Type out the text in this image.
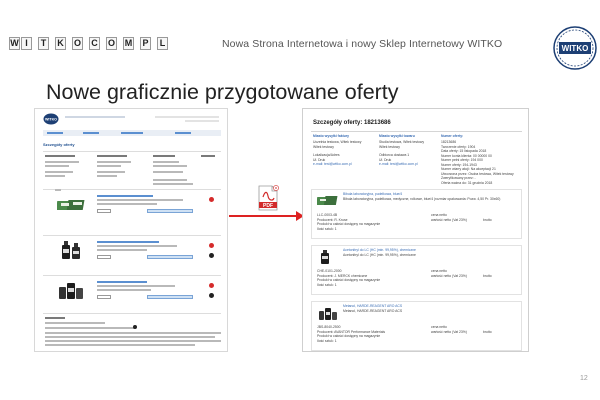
W I	T	K O C O M P	L	Nowa Strona Internetowa i nowy Sklep Internetowy WITKO	WITKO
Nowe graficznie przygotowane oferty
WITKO
Szczegóły oferty
PDF
Szczegóły oferty: 18213686
Miasto wysyłki faktury
Uczelnia testowa, Witek testowy
Witek testowy
Lokalizacja/Adres
Ul. Druk
e-mail: test@witko.com.pl
Miasto wysyłki towaru
Studia testowa, Witek testowy
Witek testowy
Odbiorca dostawa 1
Ul. Druk
e-mail: test@witko.com.pl
Numer oferty:
18213686
Tworzenie oferty: 1904
Data oferty: 15 listopada 2018
Numer konta klienta: 00 00000 00
Numer pełni oferty: 194 000
Numer oferty: 194-1943
Numer wiarry akcji: Na akceptacji 21
Utworzona przez: Osoba testowa, Witek testowy
Zweryfikowany przez: -
Oferta ważna do: 31 grudnia 2018
Bibuła laboratoryjna, pudełkowa, blue/4
Bibuła laboratoryjna, pudełkowa, medyczne, rolkowe, blue/4 (rozmiar opakowania: Pozw. 4,50 Pr. 30x60)
LLC-0003-4B
Producent: R. Kruse
Produkt w całości dostępny na magazynie
Ilość sztuk: 1
cena netto
wartość netto (Vat 23%)	brutto
Acetonitryl do LC (HC (min. 99,95%), chemiczne
Acetonitryl do LC (HC (min. 99,95%), chemiczne
CHE-0101-2000
Producent: J. MERCK chemiczne
Produkt w całości dostępny na magazynie
Ilość sztuk: 1
cena netto
wartość netto (Vat 23%)	brutto
Metanol, HARDE-REAGENT ARO ACS
Metanol, HARDE-REAGENT ARO ACS
JBS-8040-2500
Producent: AVANTOR Performance Materials
Produkt w całości dostępny na magazynie
Ilość sztuk: 1
cena netto
wartość netto (Vat 23%)	brutto
12
